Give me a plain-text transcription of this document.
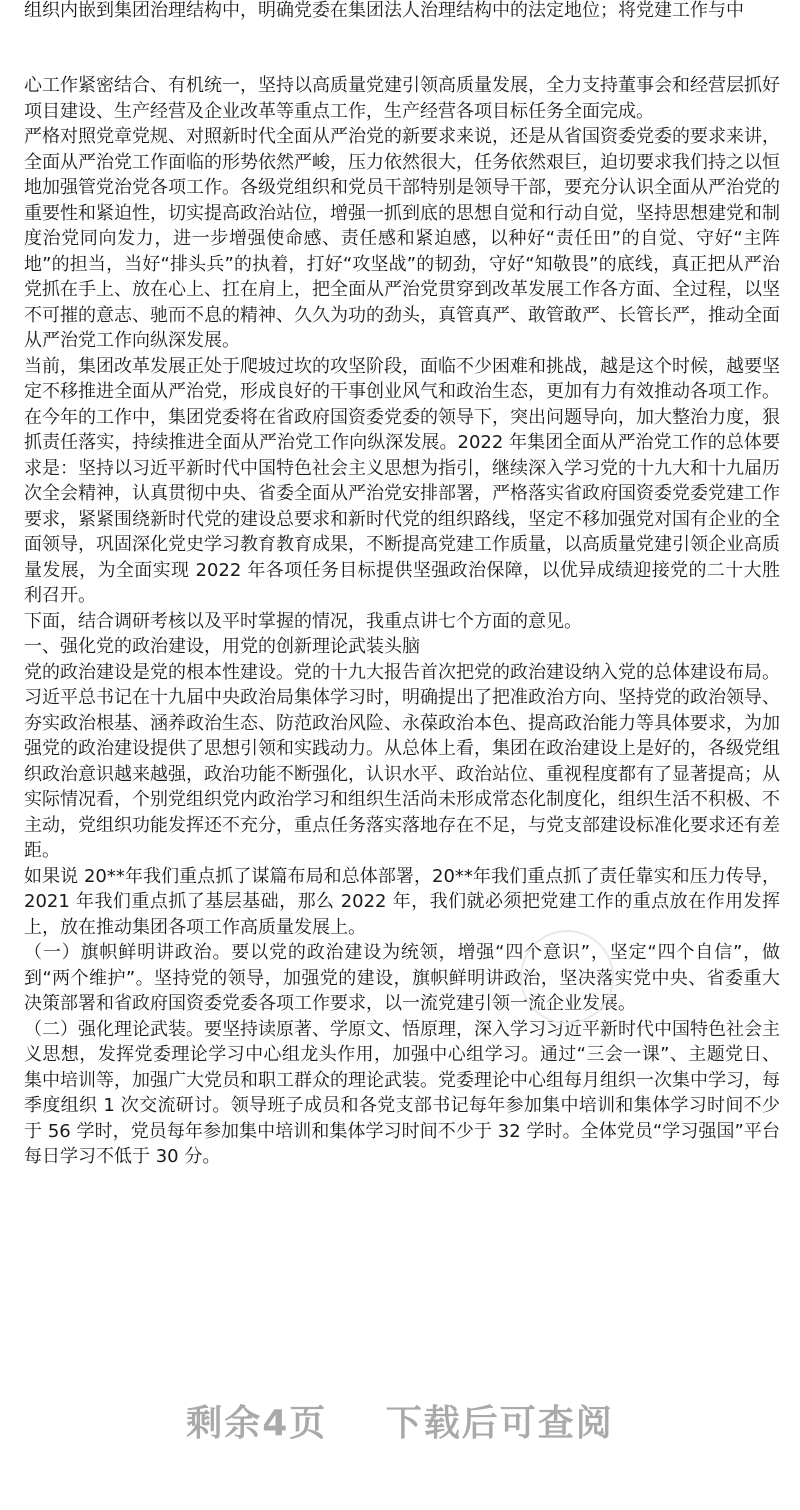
组织内嵌到集团治理结构中，明确党委在集团法人治理结构中的法定地位；将党建工作与中

心工作紧密结合、有机统一，坚持以高质量党建引领高质量发展，全力支持董事会和经营层抓好项目建设、生产经营及企业改革等重点工作，生产经营各项目标任务全面完成。

严格对照党章党规、对照新时代全面从严治党的新要求来说，还是从省国资委党委的要求来讲，全面从严治党工作面临的形势依然严峻，压力依然很大，任务依然艰巨，迫切要求我们持之以恒地加强管党治党各项工作。各级党组织和党员干部特别是领导干部，要充分认识全面从严治党的重要性和紧迫性，切实提高政治站位，增强一抓到底的思想自觉和行动自觉，坚持思想建党和制度治党同向发力，进一步增强使命感、责任感和紧迫感，以种好“责任田”的自觉、守好“主阵地”的担当，当好“排头兵”的执着，打好“攻坚战”的韧劲，守好“知敬畏”的底线，真正把从严治党抓在手上、放在心上、扛在肩上，把全面从严治党贯穿到改革发展工作各方面、全过程，以坚不可摧的意志、驰而不息的精神、久久为功的劲头，真管真严、敢管敢严、长管长严，推动全面从严治党工作向纵深发展。

当前，集团改革发展正处于爬坡过坎的攻坚阶段，面临不少困难和挑战，越是这个时候，越要坚定不移推进全面从严治党，形成良好的干事创业风气和政治生态，更加有力有效推动各项工作。

在今年的工作中，集团党委将在省政府国资委党委的领导下，突出问题导向，加大整治力度，狠抓责任落实，持续推进全面从严治党工作向纵深发展。2022 年集团全面从严治党工作的总体要求是：坚持以习近平新时代中国特色社会主义思想为指引，继续深入学习党的十九大和十九届历次全会精神，认真贯彻中央、省委全面从严治党安排部署，严格落实省政府国资委党委党建工作要求，紧紧围绕新时代党的建设总要求和新时代党的组织路线，坚定不移加强党对国有企业的全面领导，巩固深化党史学习教育教育成果，不断提高党建工作质量，以高质量党建引领企业高质量发展，为全面实现 2022 年各项任务目标提供坚强政治保障，以优异成绩迎接党的二十大胜利召开。

下面，结合调研考核以及平时掌握的情况，我重点讲七个方面的意见。

一、强化党的政治建设，用党的创新理论武装头脑

党的政治建设是党的根本性建设。党的十九大报告首次把党的政治建设纳入党的总体建设布局。习近平总书记在十九届中央政治局集体学习时，明确提出了把准政治方向、坚持党的政治领导、夯实政治根基、涵养政治生态、防范政治风险、永葆政治本色、提高政治能力等具体要求，为加强党的政治建设提供了思想引领和实践动力。从总体上看，集团在政治建设上是好的，各级党组织政治意识越来越强，政治功能不断强化，认识水平、政治站位、重视程度都有了显著提高；从实际情况看，个别党组织党内政治学习和组织生活尚未形成常态化制度化，组织生活不积极、不主动，党组织功能发挥还不充分，重点任务落实落地存在不足，与党支部建设标准化要求还有差距。

如果说 20**年我们重点抓了谋篇布局和总体部署，20**年我们重点抓了责任靠实和压力传导，2021 年我们重点抓了基层基础，那么 2022 年，我们就必须把党建工作的重点放在作用发挥上，放在推动集团各项工作高质量发展上。

（一）旗帜鲜明讲政治。要以党的政治建设为统领，增强“四个意识”，坚定“四个自信”，做到“两个维护”。坚持党的领导，加强党的建设，旗帜鲜明讲政治，坚决落实党中央、省委重大决策部署和省政府国资委党委各项工作要求，以一流党建引领一流企业发展。

（二）强化理论武装。要坚持读原著、学原文、悟原理，深入学习习近平新时代中国特色社会主义思想，发挥党委理论学习中心组龙头作用，加强中心组学习。通过“三会一课”、主题党日、集中培训等，加强广大党员和职工群众的理论武装。党委理论中心组每月组织一次集中学习，每季度组织 1 次交流研讨。领导班子成员和各党支部书记每年参加集中培训和集体学习时间不少于 56 学时，党员每年参加集中培训和集体学习时间不少于 32 学时。全体党员“学习强国”平台每日学习不低于 30 分。

剩余4页 下载后可查阅
